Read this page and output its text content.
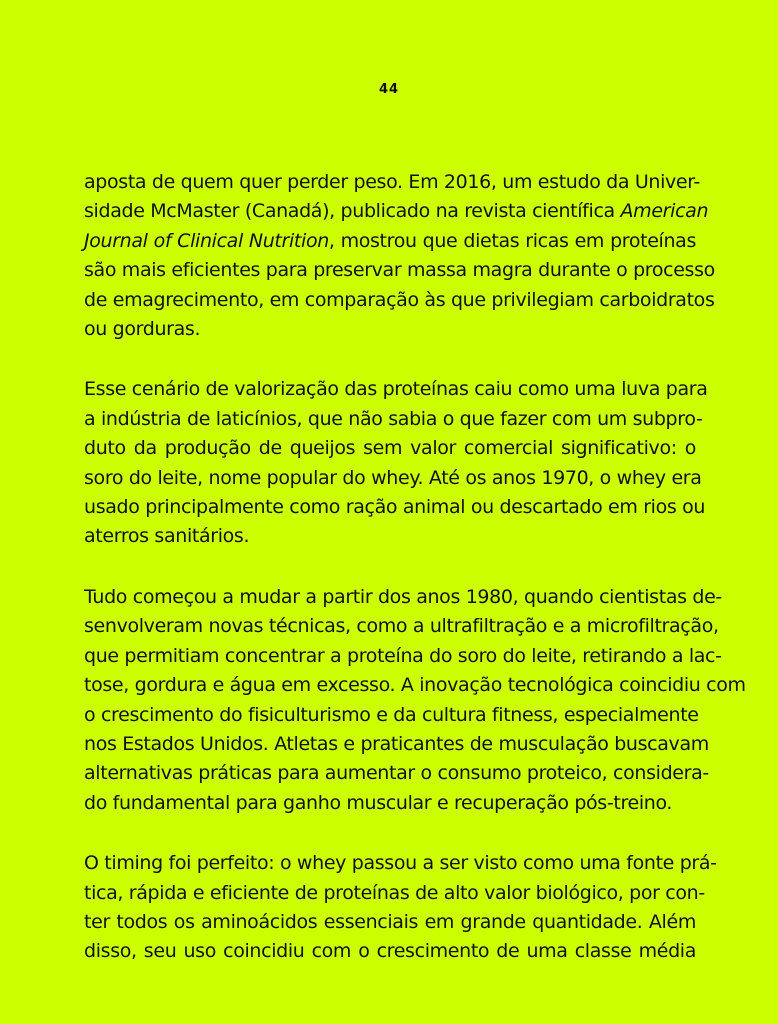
44

aposta de quem quer perder peso. Em 2016, um estudo da Univer-
sidade McMaster (Canadá), publicado na revista científica American
Journal of Clinical Nutrition, mostrou que dietas ricas em proteínas
são mais eficientes para preservar massa magra durante o processo
de emagrecimento, em comparação às que privilegiam carboidratos
ou gorduras.

Esse cenário de valorização das proteínas caiu como uma luva para
a indústria de laticínios, que não sabia o que fazer com um subpro-
duto da produção de queijos sem valor comercial significativo: o
soro do leite, nome popular do whey. Até os anos 1970, o whey era
usado principalmente como ração animal ou descartado em rios ou
aterros sanitários.

Tudo começou a mudar a partir dos anos 1980, quando cientistas de-
senvolveram novas técnicas, como a ultrafiltração e a microfiltração,
que permitiam concentrar a proteína do soro do leite, retirando a lac-
tose, gordura e água em excesso. A inovação tecnológica coincidiu com
o crescimento do fisiculturismo e da cultura fitness, especialmente
nos Estados Unidos. Atletas e praticantes de musculação buscavam
alternativas práticas para aumentar o consumo proteico, considera-
do fundamental para ganho muscular e recuperação pós-treino.

O timing foi perfeito: o whey passou a ser visto como uma fonte prá-
tica, rápida e eficiente de proteínas de alto valor biológico, por con-
ter todos os aminoácidos essenciais em grande quantidade. Além
disso, seu uso coincidiu com o crescimento de uma classe média
